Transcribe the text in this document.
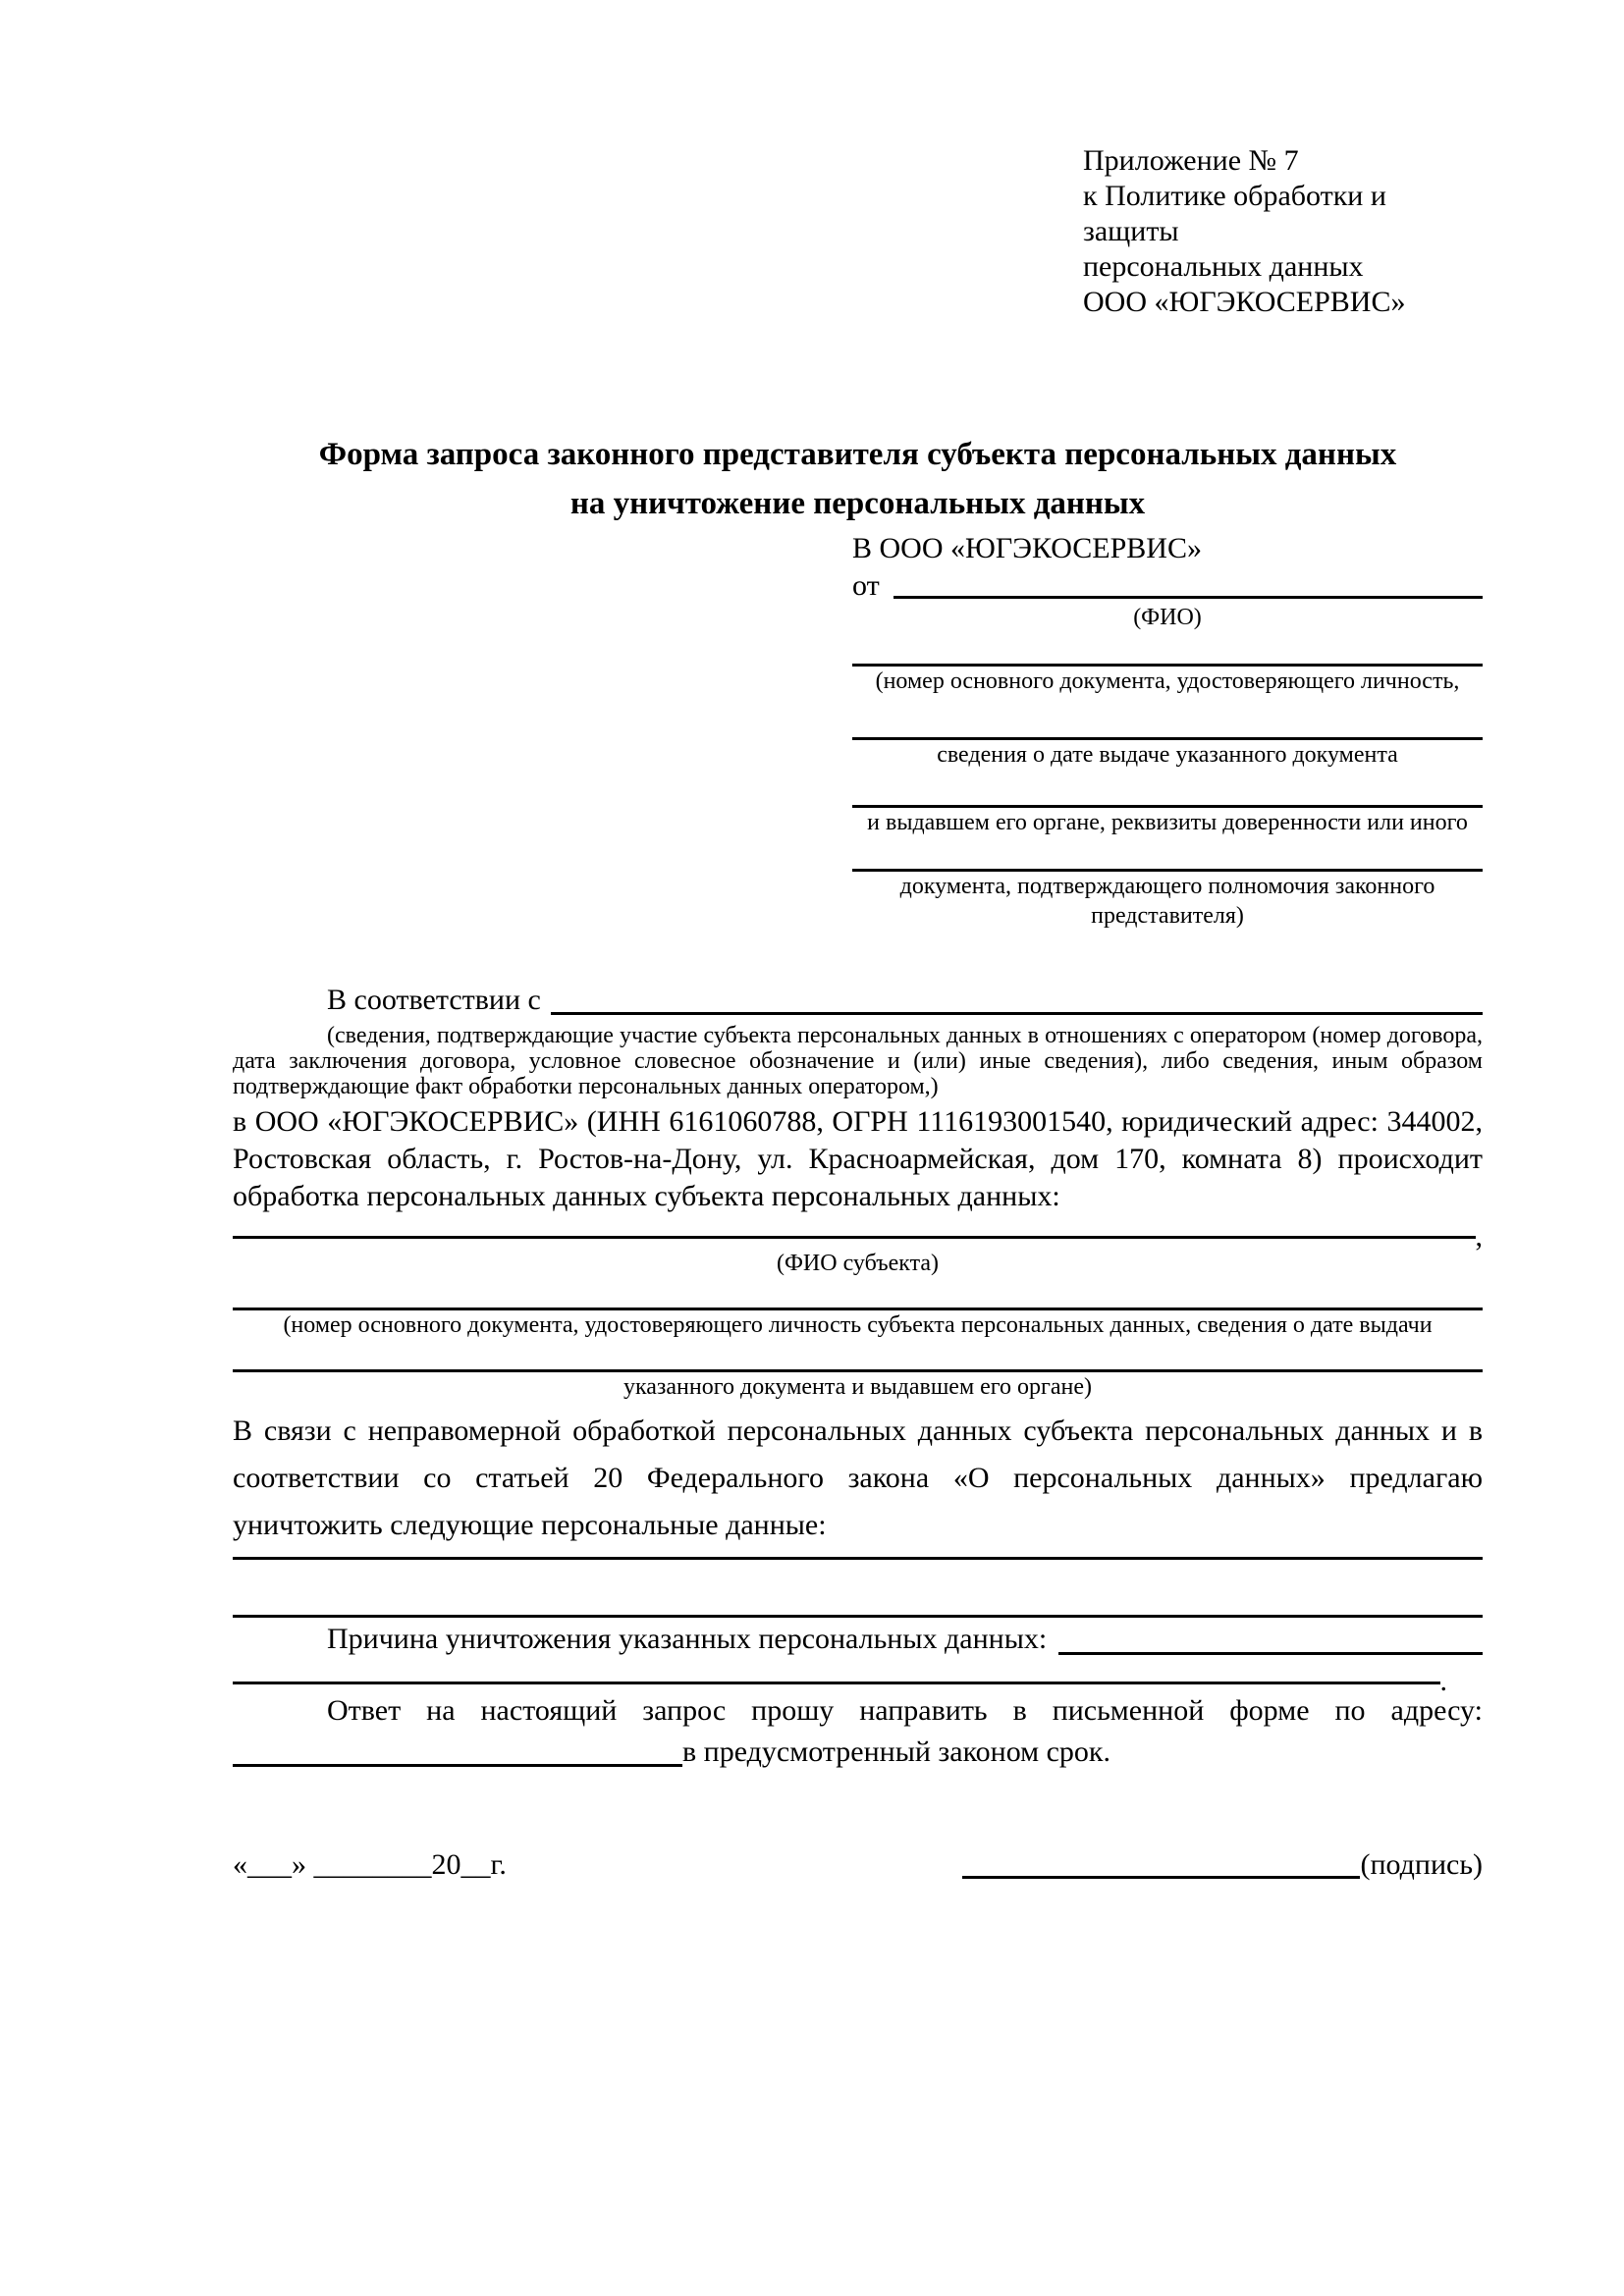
Приложение № 7
к Политике обработки и защиты
персональных данных
ООО «ЮГЭКОСЕРВИС»
Форма запроса законного представителя субъекта персональных данных
на уничтожение персональных данных
В ООО «ЮГЭКОСЕРВИС»
от
(ФИО)
(номер основного документа, удостоверяющего личность,
сведения о дате выдаче указанного документа
и выдавшем его органе, реквизиты доверенности или иного
документа, подтверждающего полномочия законного представителя)
В соответствии с

(сведения, подтверждающие участие субъекта персональных данных в отношениях с оператором (номер договора, дата заключения договора, условное словесное обозначение и (или) иные сведения), либо сведения, иным образом подтверждающие факт обработки персональных данных оператором,)

в ООО «ЮГЭКОСЕРВИС» (ИНН 6161060788, ОГРН 1116193001540, юридический адрес: 344002, Ростовская область, г. Ростов-на-Дону, ул. Красноармейская, дом 170, комната 8) происходит обработка персональных данных субъекта персональных данных:

,
(ФИО субъекта)
(номер основного документа, удостоверяющего личность субъекта персональных данных, сведения о дате выдачи
указанного документа и выдавшем его органе)

В связи с неправомерной обработкой персональных данных субъекта персональных данных и в соответствии со статьей 20 Федерального закона «О персональных данных» предлагаю уничтожить следующие персональные данные:

Причина уничтожения указанных персональных данных:
.

Ответ на настоящий запрос прошу направить в письменной форме по адресу:

в предусмотренный законом срок.
«___» ________20__г.	(подпись)
